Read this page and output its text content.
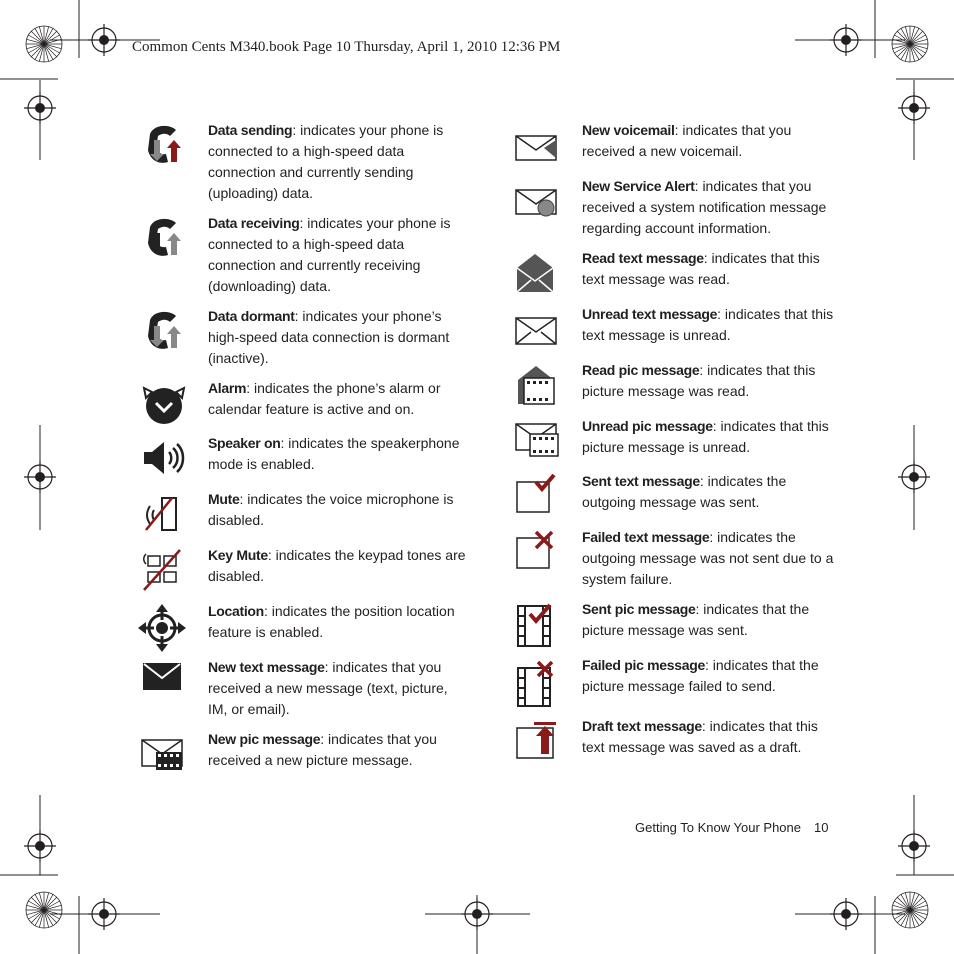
Common Cents M340.book Page 10 Thursday, April 1, 2010 12:36 PM
Data sending: indicates your phone is connected to a high-speed data connection and currently sending (uploading) data.
Data receiving: indicates your phone is connected to a high-speed data connection and currently receiving (downloading) data.
Data dormant: indicates your phone’s high-speed data connection is dormant (inactive).
Alarm: indicates the phone’s alarm or calendar feature is active and on.
Speaker on: indicates the speakerphone mode is enabled.
Mute: indicates the voice microphone is disabled.
Key Mute: indicates the keypad tones are disabled.
Location: indicates the position location feature is enabled.
New text message: indicates that you received a new message (text, picture, IM, or email).
New pic message: indicates that you received a new picture message.
New voicemail: indicates that you received a new voicemail.
New Service Alert: indicates that you received a system notification message regarding account information.
Read text message: indicates that this text message was read.
Unread text message: indicates that this text message is unread.
Read pic message: indicates that this picture message was read.
Unread pic message: indicates that this picture message is unread.
Sent text message: indicates the outgoing message was sent.
Failed text message: indicates the outgoing message was not sent due to a system failure.
Sent pic message: indicates that the picture message was sent.
Failed pic message: indicates that the picture message failed to send.
Draft text message: indicates that this text message was saved as a draft.
Getting To Know Your Phone 10
